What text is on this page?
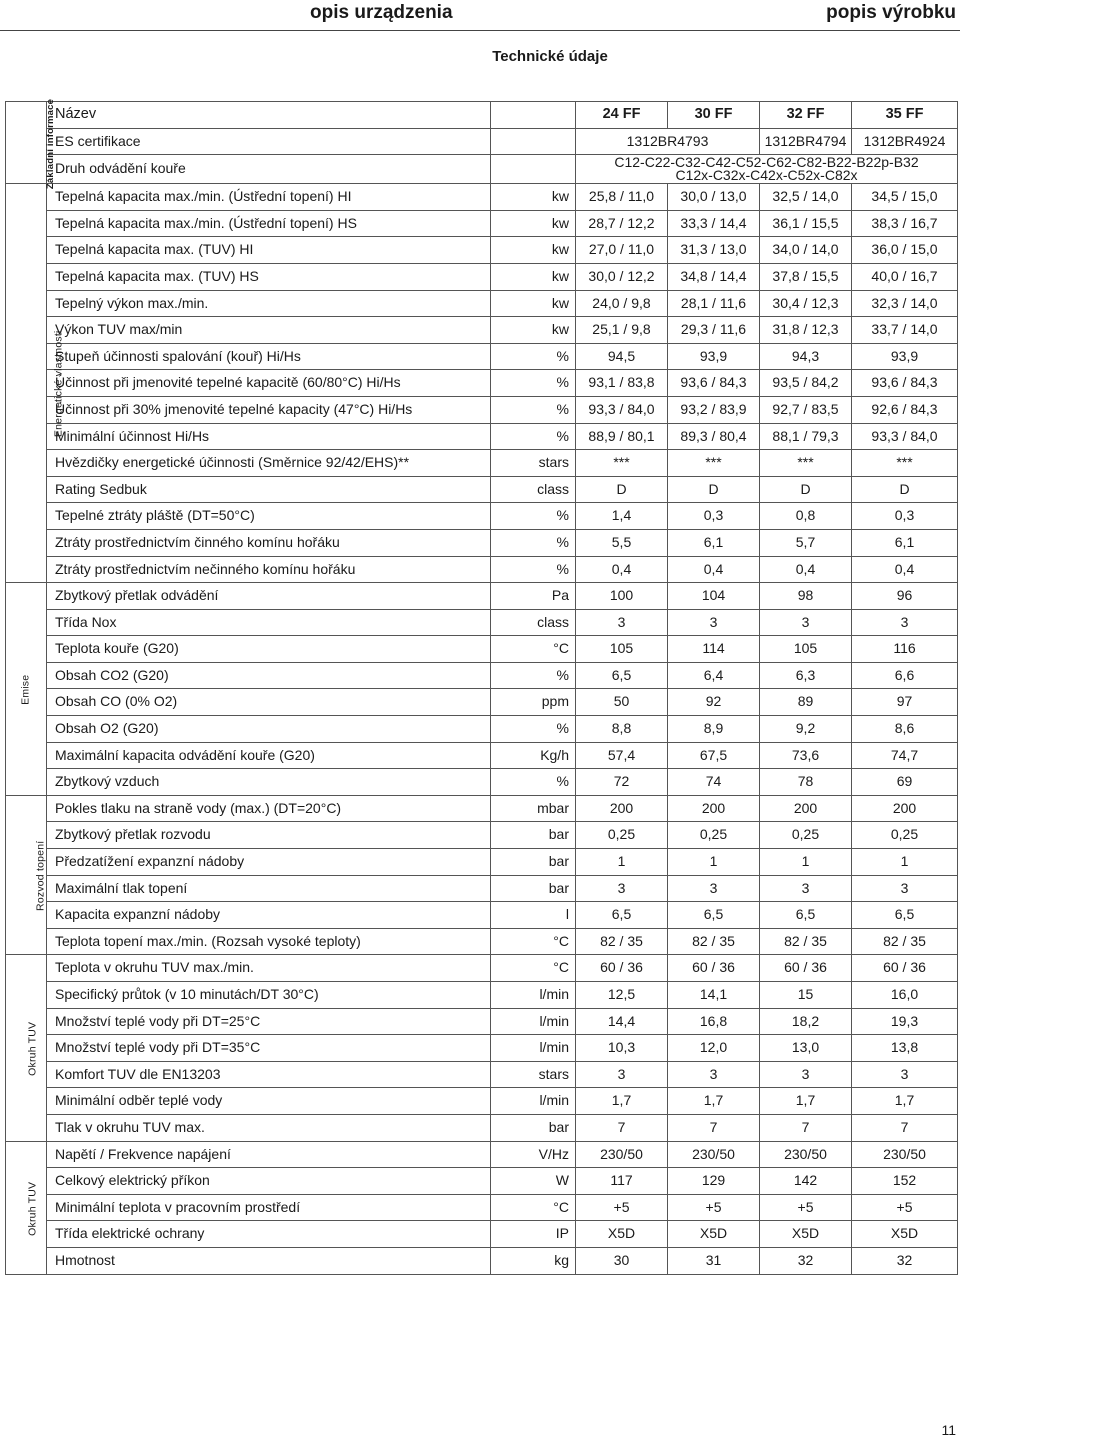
opis urządzenia	popis výrobku
Technické údaje
Základní informace	Název		24 FF	30 FF	32 FF	35 FF
	ES certifikace		1312BR4793		1312BR4794	1312BR4924
	Druh odvádění kouře		C12-C22-C32-C42-C52-C62-C82-B22-B22p-B32
C12x-C32x-C42x-C52x-C82x			

Energetické vlastnosti	Tepelná kapacita max./min. (Ústřední topení) HI	kw	25,8 / 11,0	30,0 / 13,0	32,5 / 14,0	34,5 / 15,0
	Tepelná kapacita max./min. (Ústřední topení) HS	kw	28,7 / 12,2	33,3 / 14,4	36,1 / 15,5	38,3 / 16,7
	Tepelná kapacita max. (TUV) HI	kw	27,0 / 11,0	31,3 / 13,0	34,0 / 14,0	36,0 / 15,0
	Tepelná kapacita max. (TUV) HS	kw	30,0 / 12,2	34,8 / 14,4	37,8 / 15,5	40,0 / 16,7
	Tepelný výkon max./min.	kw	24,0 / 9,8	28,1 / 11,6	30,4 / 12,3	32,3 / 14,0
	Výkon TUV max/min	kw	25,1 / 9,8	29,3 / 11,6	31,8 / 12,3	33,7 / 14,0
	Stupeň účinnosti spalování (kouř) Hi/Hs	%	94,5	93,9	94,3	93,9
	Účinnost při jmenovité tepelné kapacitě (60/80°C) Hi/Hs	%	93,1 / 83,8	93,6 / 84,3	93,5 / 84,2	93,6 / 84,3
	Účinnost při 30% jmenovité tepelné kapacity (47°C) Hi/Hs	%	93,3 / 84,0	93,2 / 83,9	92,7 / 83,5	92,6 / 84,3
	Minimální účinnost Hi/Hs	%	88,9 / 80,1	89,3 / 80,4	88,1 / 79,3	93,3 / 84,0
	Hvězdičky energetické účinnosti (Směrnice 92/42/EHS)**	stars	***	***	***	***
	Rating Sedbuk	class	D	D	D	D
	Tepelné ztráty pláště (DT=50°C)	%	1,4	0,3	0,8	0,3
	Ztráty prostřednictvím činného komínu hořáku	%	5,5	6,1	5,7	6,1
	Ztráty prostřednictvím nečinného komínu hořáku	%	0,4	0,4	0,4	0,4
Emise	Zbytkový přetlak odvádění	Pa	100	104	98	96
	Třída Nox	class	3	3	3	3
	Teplota kouře (G20)	°C	105	114	105	116
	Obsah CO2 (G20)	%	6,5	6,4	6,3	6,6
	Obsah CO (0% O2)	ppm	50	92	89	97
	Obsah O2 (G20)	%	8,8	8,9	9,2	8,6
	Maximální kapacita odvádění kouře (G20)	Kg/h	57,4	67,5	73,6	74,7
	Zbytkový vzduch	%	72	74	78	69
Rozvod topení	Pokles tlaku na straně vody (max.) (DT=20°C)	mbar	200	200	200	200
	Zbytkový přetlak rozvodu	bar	0,25	0,25	0,25	0,25
	Předzatížení expanzní nádoby	bar	1	1	1	1
	Maximální tlak topení	bar	3	3	3	3
	Kapacita expanzní nádoby	l	6,5	6,5	6,5	6,5
	Teplota topení max./min. (Rozsah vysoké teploty)	°C	82 / 35	82 / 35	82 / 35	82 / 35
Okruh TUV	Teplota v okruhu TUV max./min.	°C	60 / 36	60 / 36	60 / 36	60 / 36
	Specifický průtok (v 10 minutách/DT 30°C)	l/min	12,5	14,1	15	16,0
	Množství teplé vody při DT=25°C	l/min	14,4	16,8	18,2	19,3
	Množství teplé vody při DT=35°C	l/min	10,3	12,0	13,0	13,8
	Komfort TUV dle EN13203	stars	3	3	3	3
	Minimální odběr teplé vody	l/min	1,7	1,7	1,7	1,7
	Tlak v okruhu TUV max.	bar	7	7	7	7
Okruh TUV	Napětí / Frekvence napájení	V/Hz	230/50	230/50	230/50	230/50
	Celkový elektrický příkon	W	117	129	142	152
	Minimální teplota v pracovním prostředí	°C	+5	+5	+5	+5
	Třída elektrické ochrany	IP	X5D	X5D	X5D	X5D
	Hmotnost	kg	30	31	32	32
11
